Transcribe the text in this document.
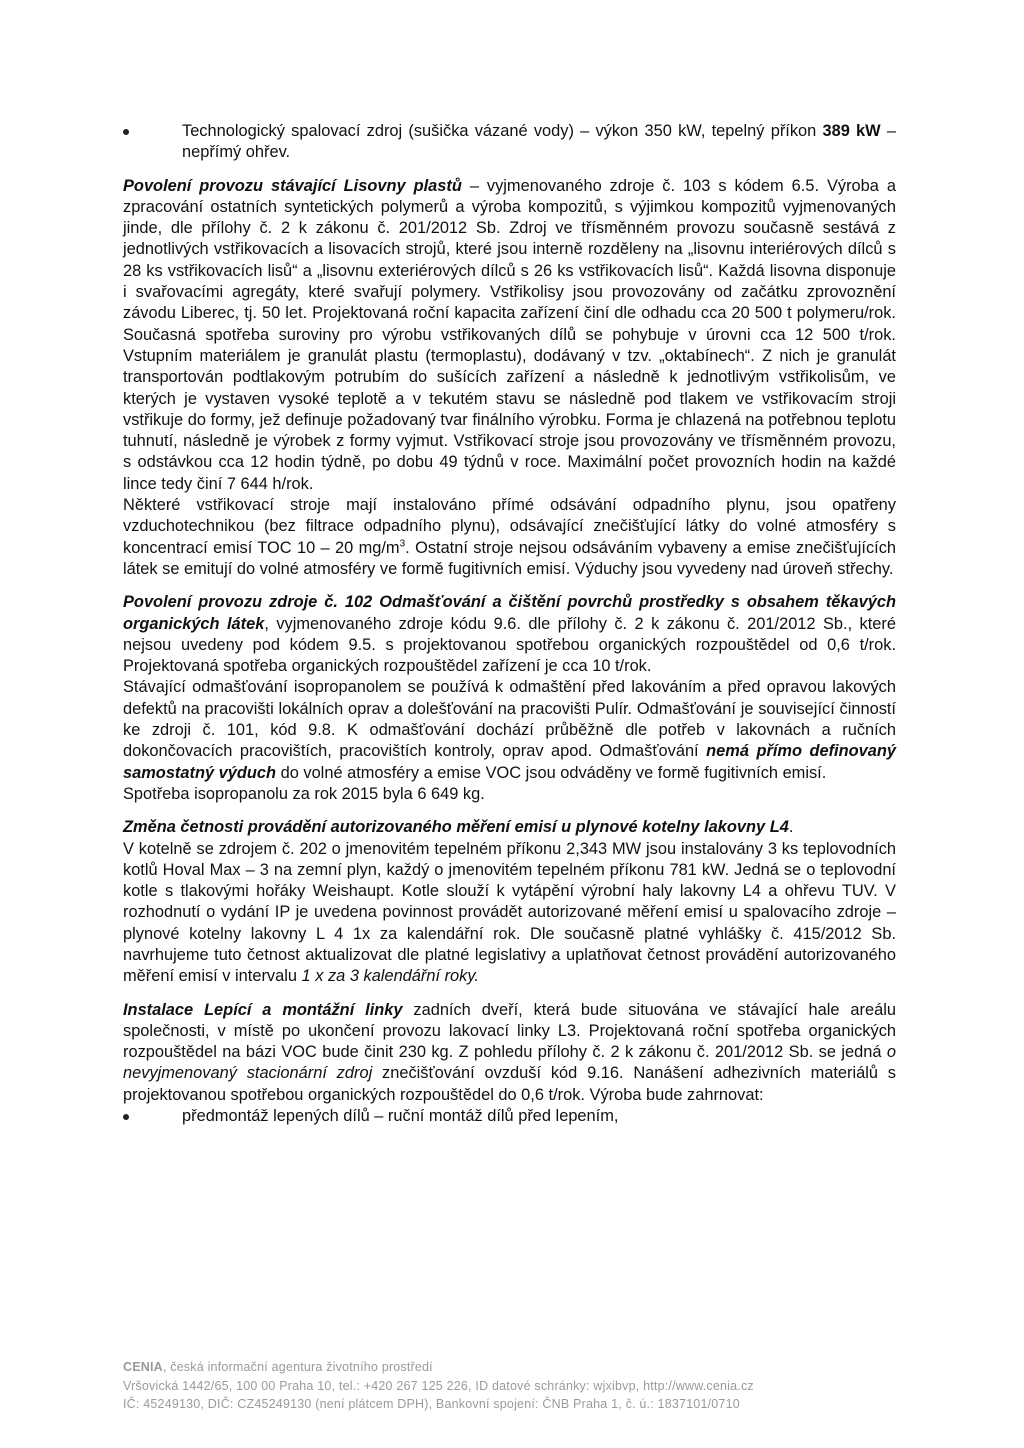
Technologický spalovací zdroj (sušička vázané vody) – výkon 350 kW, tepelný příkon 389 kW – nepřímý ohřev.

Povolení provozu stávající Lisovny plastů – vyjmenovaného zdroje č. 103 s kódem 6.5. Výroba a zpracování ostatních syntetických polymerů a výroba kompozitů, s výjimkou kompozitů vyjmenovaných jinde, dle přílohy č. 2 k zákonu č. 201/2012 Sb. Zdroj ve třísměnném provozu současně sestává z jednotlivých vstřikovacích a lisovacích strojů, které jsou interně rozděleny na „lisovnu interiérových dílců s 28 ks vstřikovacích lisů“ a „lisovnu exteriérových dílců s 26 ks vstřikovacích lisů“. Každá lisovna disponuje i svařovacími agregáty, které svařují polymery. Vstřikolisy jsou provozovány od začátku zprovoznění závodu Liberec, tj. 50 let. Projektovaná roční kapacita zařízení činí dle odhadu cca 20 500 t polymeru/rok. Současná spotřeba suroviny pro výrobu vstřikovaných dílů se pohybuje v úrovni cca 12 500 t/rok. Vstupním materiálem je granulát plastu (termoplastu), dodávaný v tzv. „oktabínech“. Z nich je granulát transportován podtlakovým potrubím do sušících zařízení a následně k jednotlivým vstřikolisům, ve kterých je vystaven vysoké teplotě a v tekutém stavu se následně pod tlakem ve vstřikovacím stroji vstřikuje do formy, jež definuje požadovaný tvar finálního výrobku. Forma je chlazená na potřebnou teplotu tuhnutí, následně je výrobek z formy vyjmut. Vstřikovací stroje jsou provozovány ve třísměnném provozu, s odstávkou cca 12 hodin týdně, po dobu 49 týdnů v roce. Maximální počet provozních hodin na každé lince tedy činí 7 644 h/rok.

Některé vstřikovací stroje mají instalováno přímé odsávání odpadního plynu, jsou opatřeny vzduchotechnikou (bez filtrace odpadního plynu), odsávající znečišťující látky do volné atmosféry s koncentrací emisí TOC 10 – 20 $mg/m^3$. Ostatní stroje nejsou odsáváním vybaveny a emise znečišťujících látek se emitují do volné atmosféry ve formě fugitivních emisí. Výduchy jsou vyvedeny nad úroveň střechy.

Povolení provozu zdroje č. 102 Odmašťování a čištění povrchů prostředky s obsahem těkavých organických látek, vyjmenovaného zdroje kódu 9.6. dle přílohy č. 2 k zákonu č. 201/2012 Sb., které nejsou uvedeny pod kódem 9.5. s projektovanou spotřebou organických rozpouštědel od 0,6 t/rok. Projektovaná spotřeba organických rozpouštědel zařízení je cca 10 t/rok.

Stávající odmašťování isopropanolem se používá k odmaštění před lakováním a před opravou lakových defektů na pracovišti lokálních oprav a dolešťování na pracovišti Pulír. Odmašťování je související činností ke zdroji č. 101, kód 9.8. K odmašťování dochází průběžně dle potřeb v lakovnách a ručních dokončovacích pracovištích, pracovištích kontroly, oprav apod. Odmašťování nemá přímo definovaný samostatný výduch do volné atmosféry a emise VOC jsou odváděny ve formě fugitivních emisí.

Spotřeba isopropanolu za rok 2015 byla 6 649 kg.

Změna četnosti provádění autorizovaného měření emisí u plynové kotelny lakovny L4.

V kotelně se zdrojem č. 202 o jmenovitém tepelném příkonu 2,343 MW jsou instalovány 3 ks teplovodních kotlů Hoval Max – 3 na zemní plyn, každý o jmenovitém tepelném příkonu 781 kW. Jedná se o teplovodní kotle s tlakovými hořáky Weishaupt. Kotle slouží k vytápění výrobní haly lakovny L4 a ohřevu TUV. V rozhodnutí o vydání IP je uvedena povinnost provádět autorizované měření emisí u spalovacího zdroje – plynové kotelny lakovny L 4 1x za kalendářní rok. Dle současně platné vyhlášky č. 415/2012 Sb. navrhujeme tuto četnost aktualizovat dle platné legislativy a uplatňovat četnost provádění autorizovaného měření emisí v intervalu 1 x za 3 kalendářní roky.

Instalace Lepící a montážní linky zadních dveří, která bude situována ve stávající hale areálu společnosti, v místě po ukončení provozu lakovací linky L3. Projektovaná roční spotřeba organických rozpouštědel na bázi VOC bude činit 230 kg. Z pohledu přílohy č. 2 k zákonu č. 201/2012 Sb. se jedná o nevyjmenovaný stacionární zdroj znečišťování ovzduší kód 9.16. Nanášení adhezivních materiálů s projektovanou spotřebou organických rozpouštědel do 0,6 t/rok. Výroba bude zahrnovat:

předmontáž lepených dílů – ruční montáž dílů před lepením,

CENIA, česká informační agentura životního prostředí

Vršovická 1442/65, 100 00 Praha 10, tel.: +420 267 125 226, ID datové schránky: wjxibvp, http://www.cenia.cz

IČ: 45249130, DIČ: CZ45249130 (není plátcem DPH), Bankovní spojení: ČNB Praha 1, č. ú.: 1837101/0710
